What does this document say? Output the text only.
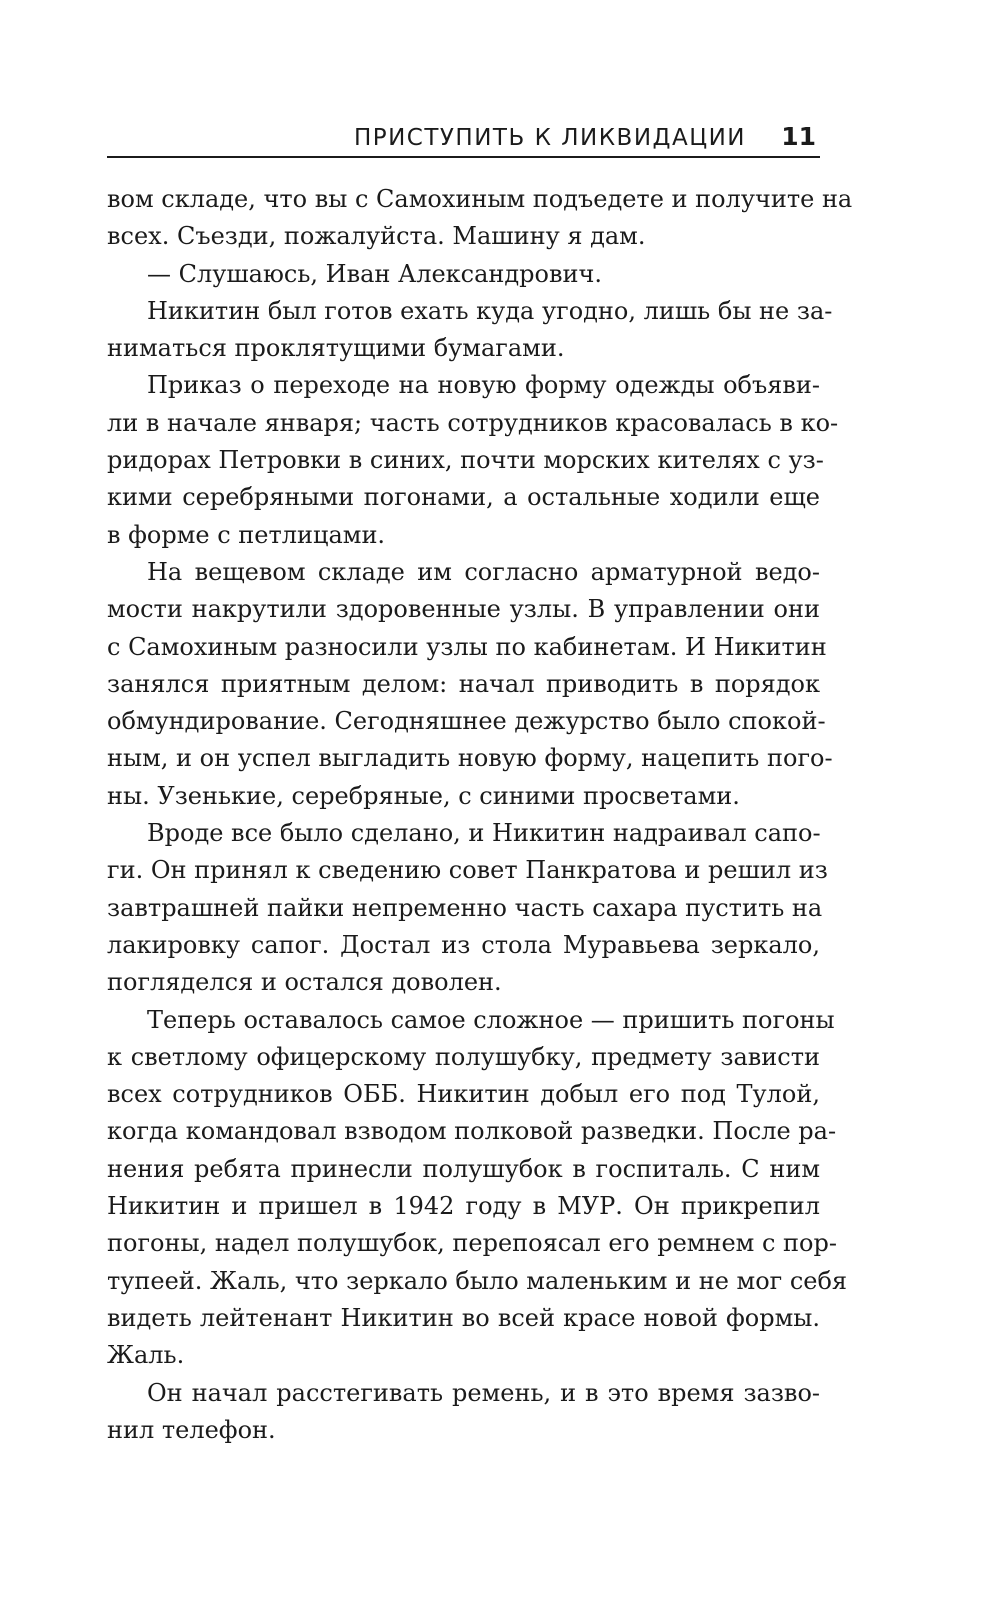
ПРИСТУПИТЬ К ЛИКВИДАЦИИ 11
вом складе, что вы с Самохиным подъедете и получите на
всех. Съезди, пожалуйста. Машину я дам.
— Слушаюсь, Иван Александрович.
Никитин был готов ехать куда угодно, лишь бы не за-
ниматься проклятущими бумагами.
Приказ о переходе на новую форму одежды объяви-
ли в начале января; часть сотрудников красовалась в ко-
ридорах Петровки в синих, почти морских кителях с уз-
кими серебряными погонами, а остальные ходили еще
в форме с петлицами.
На вещевом складе им согласно арматурной ведо-
мости накрутили здоровенные узлы. В управлении они
с Самохиным разносили узлы по кабинетам. И Никитин
занялся приятным делом: начал приводить в порядок
обмундирование. Сегодняшнее дежурство было спокой-
ным, и он успел выгладить новую форму, нацепить пого-
ны. Узенькие, серебряные, с синими просветами.
Вроде все было сделано, и Никитин надраивал сапо-
ги. Он принял к сведению совет Панкратова и решил из
завтрашней пайки непременно часть сахара пустить на
лакировку сапог. Достал из стола Муравьева зеркало,
погляделся и остался доволен.
Теперь оставалось самое сложное — пришить погоны
к светлому офицерскому полушубку, предмету зависти
всех сотрудников ОББ. Никитин добыл его под Тулой,
когда командовал взводом полковой разведки. После ра-
нения ребята принесли полушубок в госпиталь. С ним
Никитин и пришел в 1942 году в МУР. Он прикрепил
погоны, надел полушубок, перепоясал его ремнем с пор-
тупеей. Жаль, что зеркало было маленьким и не мог себя
видеть лейтенант Никитин во всей красе новой формы.
Жаль.
Он начал расстегивать ремень, и в это время зазво-
нил телефон.
